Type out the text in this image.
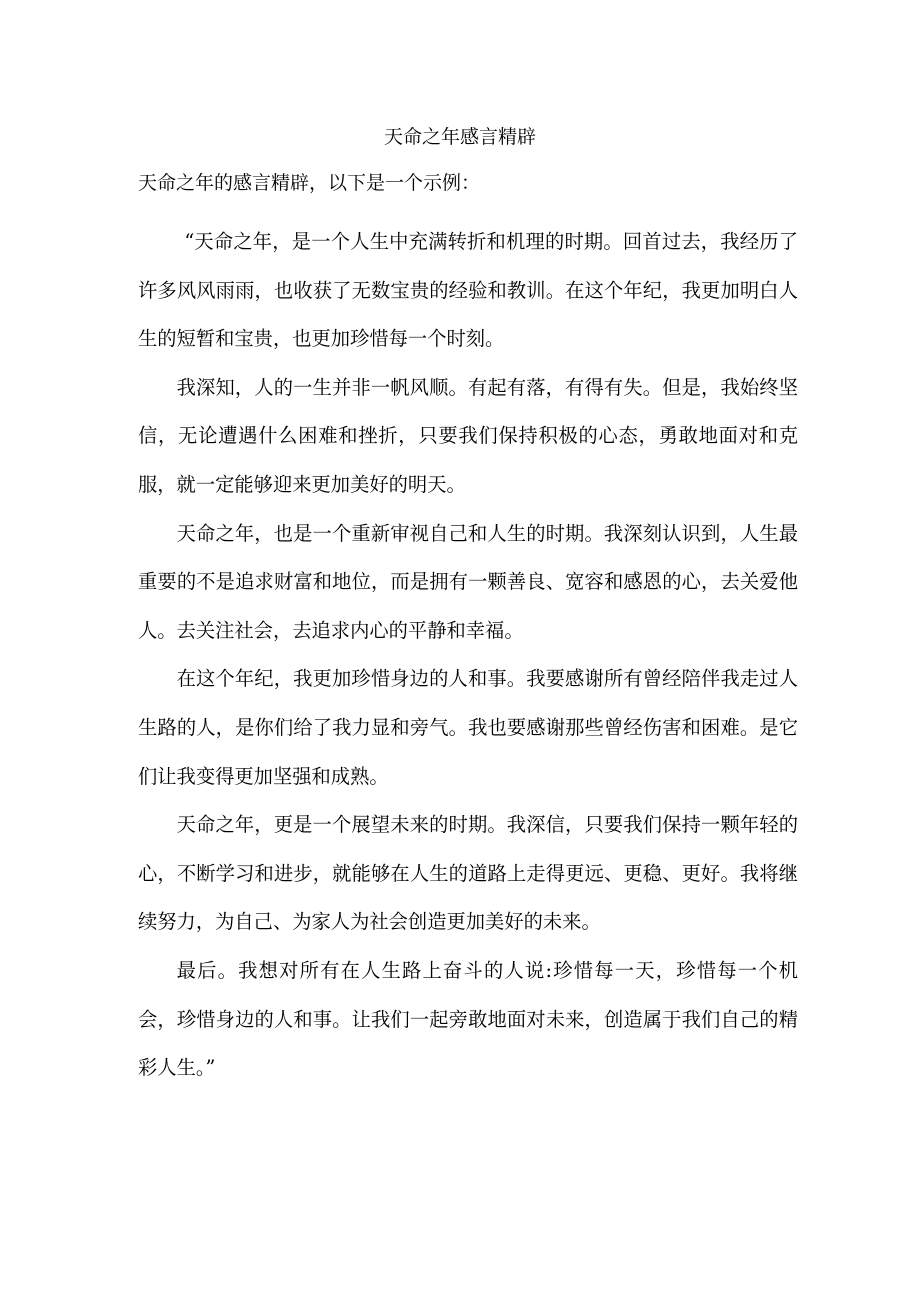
天命之年感言精辟

天命之年的感言精辟，以下是一个示例：

“天命之年，是一个人生中充满转折和机理的时期。回首过去，我经历了许多风风雨雨，也收获了无数宝贵的经验和教训。在这个年纪，我更加明白人生的短暂和宝贵，也更加珍惜每一个时刻。

我深知，人的一生并非一帆风顺。有起有落，有得有失。但是，我始终坚信，无论遭遇什么困难和挫折，只要我们保持积极的心态，勇敢地面对和克服，就一定能够迎来更加美好的明天。

天命之年，也是一个重新审视自己和人生的时期。我深刻认识到，人生最重要的不是追求财富和地位，而是拥有一颗善良、宽容和感恩的心，去关爱他人。去关注社会，去追求内心的平静和幸福。

在这个年纪，我更加珍惜身边的人和事。我要感谢所有曾经陪伴我走过人生路的人，是你们给了我力显和旁气。我也要感谢那些曾经伤害和困难。是它们让我变得更加坚强和成熟。

天命之年，更是一个展望未来的时期。我深信，只要我们保持一颗年轻的心，不断学习和进步，就能够在人生的道路上走得更远、更稳、更好。我将继续努力，为自己、为家人为社会创造更加美好的未来。

最后。我想对所有在人生路上奋斗的人说:珍惜每一天，珍惜每一个机会，珍惜身边的人和事。让我们一起旁敢地面对未来，创造属于我们自己的精彩人生。”
